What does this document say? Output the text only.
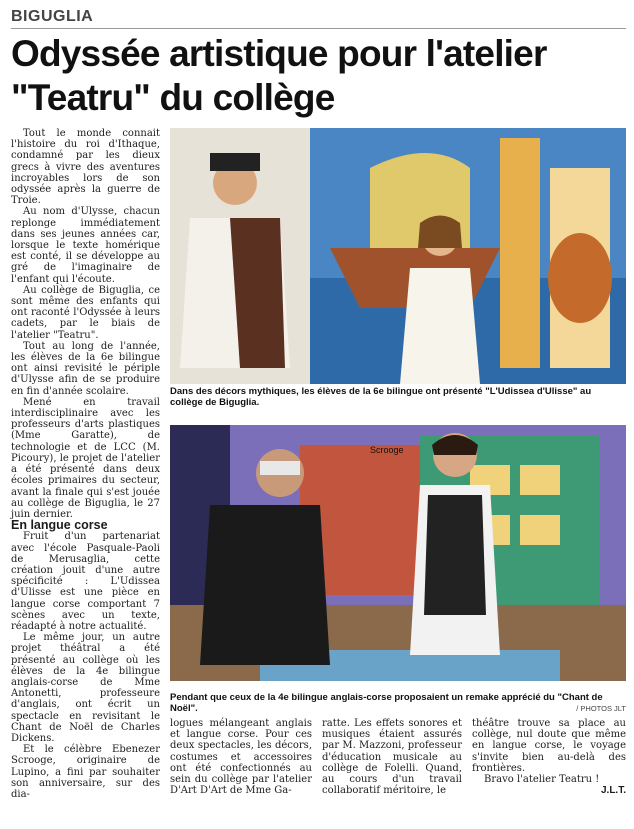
BIGUGLIA
Odyssée artistique pour l'atelier
"Teatru" du collège

Tout le monde connait l'histoire du roi d'Ithaque, condamné par les dieux grecs à vivre des aventures incroyables lors de son odyssée après la guerre de Troie.

Au nom d'Ulysse, chacun replonge immédiatement dans ses jeunes années car, lorsque le texte homérique est conté, il se développe au gré de l'imaginaire de l'enfant qui l'écoute.

Au collège de Biguglia, ce sont même des enfants qui ont raconté l'Odyssée à leurs cadets, par le biais de l'atelier "Teatru".

Tout au long de l'année, les élèves de la 6e bilingue ont ainsi revisité le périple d'Ulysse afin de se produire en fin d'année scolaire.

Mené en travail interdisciplinaire avec les professeurs d'arts plastiques (Mme Garatte), de technologie et de LCC (M. Picoury), le projet de l'atelier a été présenté dans deux écoles primaires du secteur, avant la finale qui s'est jouée au collège de Biguglia, le 27 juin dernier.

En langue corse

Fruit d'un partenariat avec l'école Pasquale-Paoli de Merusaglia, cette création jouit d'une autre spécificité : L'Udissea d'Ulisse est une pièce en langue corse comportant 7 scènes avec un texte, réadapté à notre actualité.

Le même jour, un autre projet théâtral a été présenté au collège où les élèves de la 4e bilingue anglais-corse de Mme Antonetti, professeure d'anglais, ont écrit un spectacle en revisitant le Chant de Noël de Charles Dickens.

Et le célèbre Ebenezer Scrooge, originaire de Lupino, a fini par souhaiter son anniversaire, sur des dia-

Dans des décors mythiques, les élèves de la 6e bilingue ont présenté "L'Udissea d'Ulisse" au collège de Biguglia.
Scrooge
Pendant que ceux de la 4e bilingue anglais-corse proposaient un remake apprécié du "Chant de Noël".	/ PHOTOS JLT

logues mélangeant anglais et langue corse. Pour ces deux spectacles, les décors, costumes et accessoires ont été confectionnés au sein du collège par l'atelier D'Art D'Art de Mme Ga-

ratte. Les effets sonores et musiques étaient assurés par M. Mazzoni, professeur d'éducation musicale au collège de Folelli. Quand, au cours d'un travail collaboratif méritoire, le

théâtre trouve sa place au collège, nul doute que même en langue corse, le voyage s'invite bien au-delà des frontières.

Bravo l'atelier Teatru !

J.L.T.
